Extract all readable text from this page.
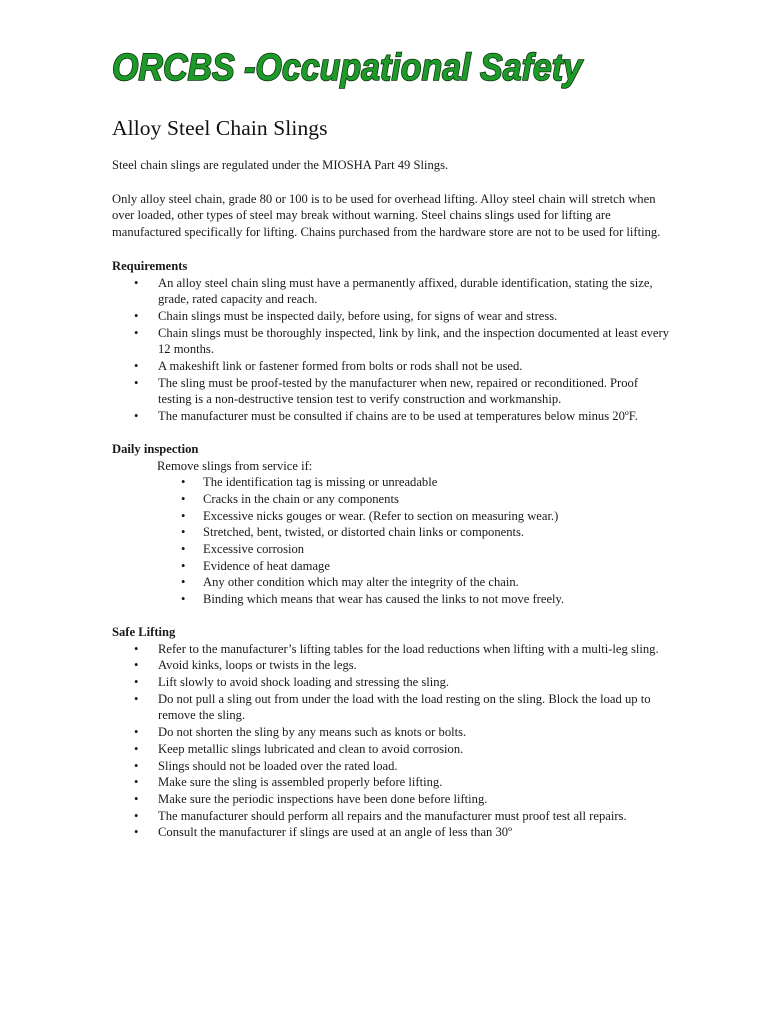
ORCBS -Occupational Safety
Alloy Steel Chain Slings

Steel chain slings are regulated under the MIOSHA Part 49 Slings.

Only alloy steel chain, grade 80 or 100 is to be used for overhead lifting. Alloy steel chain will stretch when over loaded, other types of steel may break without warning. Steel chains slings used for lifting are manufactured specifically for lifting. Chains purchased from the hardware store are not to be used for lifting.

Requirements

• An alloy steel chain sling must have a permanently affixed, durable identification, stating the size, grade, rated capacity and reach.
• Chain slings must be inspected daily, before using, for signs of wear and stress.
• Chain slings must be thoroughly inspected, link by link, and the inspection documented at least every 12 months.
• A makeshift link or fastener formed from bolts or rods shall not be used.
• The sling must be proof-tested by the manufacturer when new, repaired or reconditioned. Proof testing is a non-destructive tension test to verify construction and workmanship.
• The manufacturer must be consulted if chains are to be used at temperatures below minus 20ºF.

Daily inspection

Remove slings from service if:

• The identification tag is missing or unreadable
• Cracks in the chain or any components
• Excessive nicks gouges or wear. (Refer to section on measuring wear.)
• Stretched, bent, twisted, or distorted chain links or components.
• Excessive corrosion
• Evidence of heat damage
• Any other condition which may alter the integrity of the chain.
• Binding which means that wear has caused the links to not move freely.

Safe Lifting

• Refer to the manufacturer’s lifting tables for the load reductions when lifting with a multi-leg sling.
• Avoid kinks, loops or twists in the legs.
• Lift slowly to avoid shock loading and stressing the sling.
• Do not pull a sling out from under the load with the load resting on the sling. Block the load up to remove the sling.
• Do not shorten the sling by any means such as knots or bolts.
• Keep metallic slings lubricated and clean to avoid corrosion.
• Slings should not be loaded over the rated load.
• Make sure the sling is assembled properly before lifting.
• Make sure the periodic inspections have been done before lifting.
• The manufacturer should perform all repairs and the manufacturer must proof test all repairs.
• Consult the manufacturer if slings are used at an angle of less than 30º
